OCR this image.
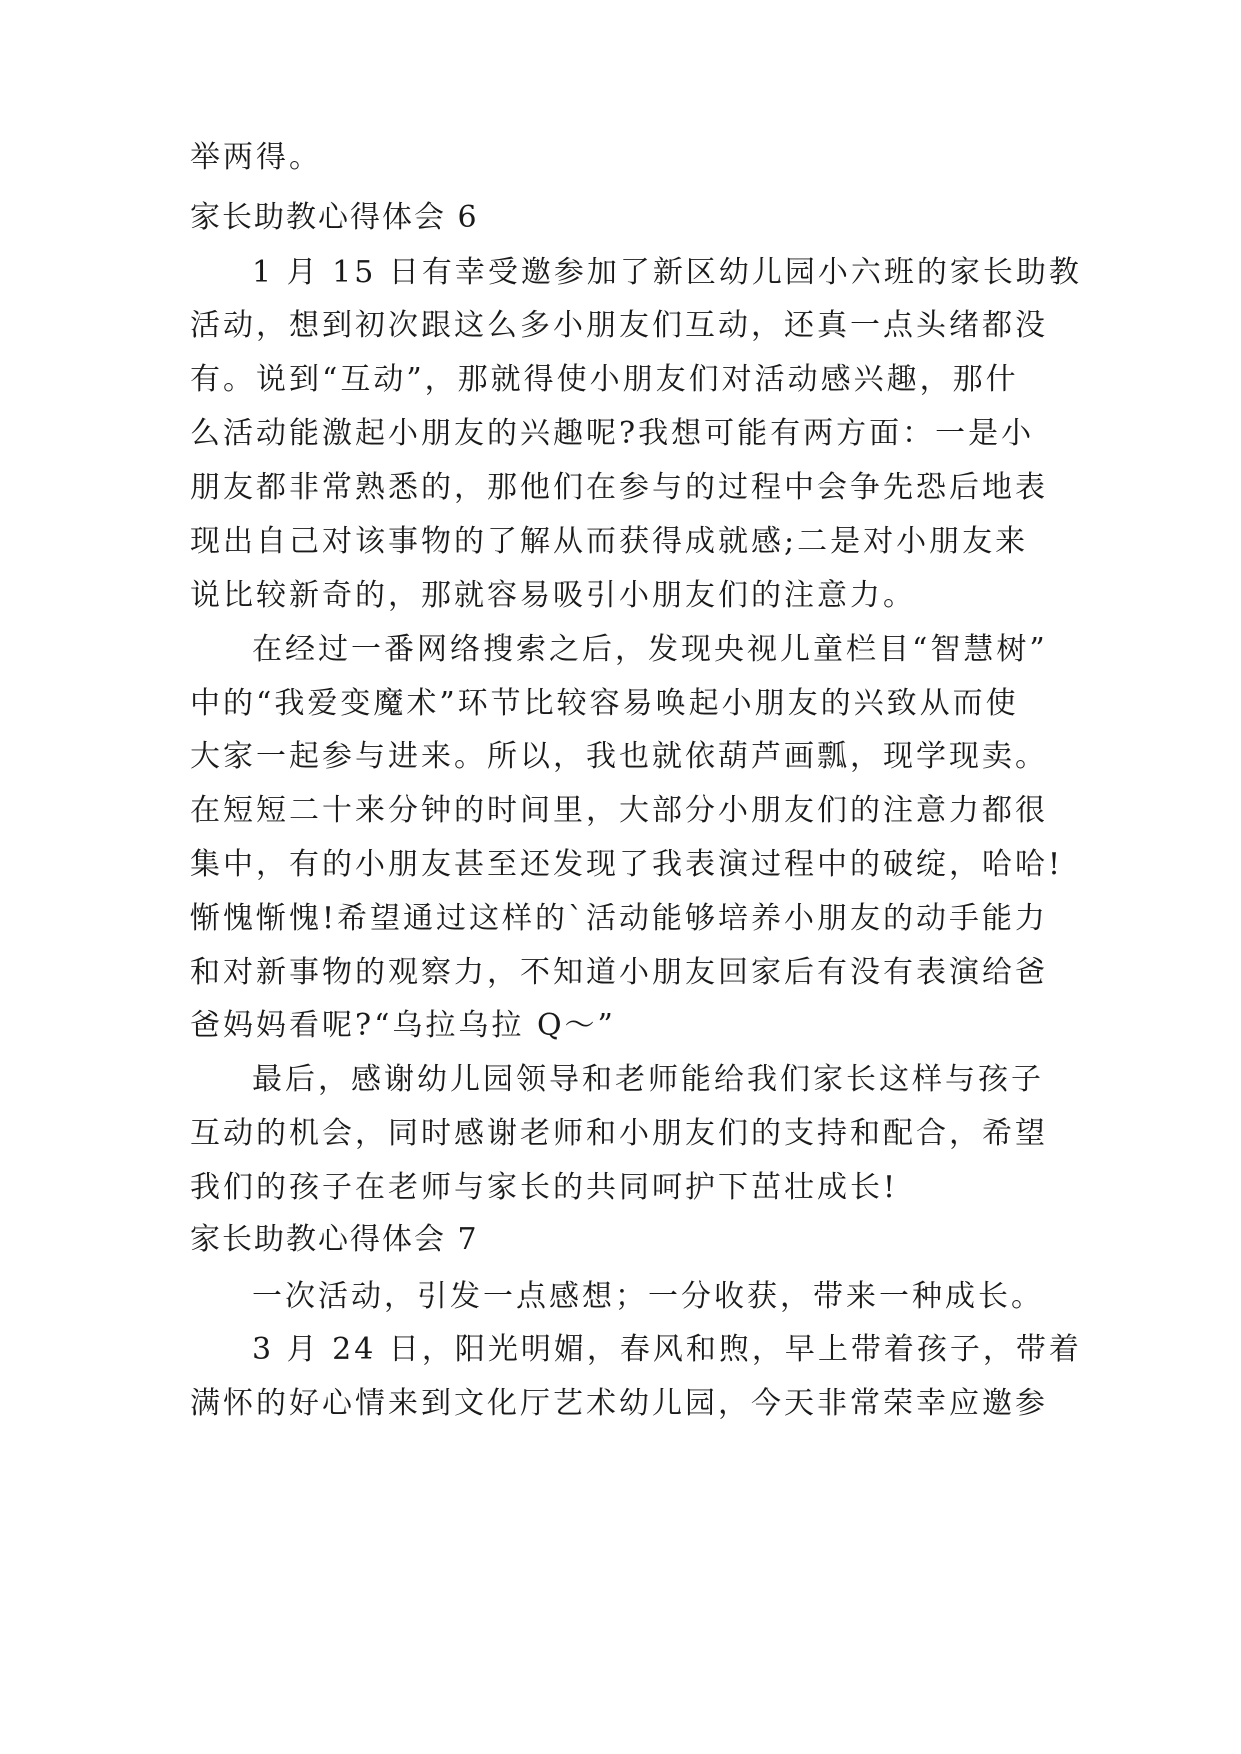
举两得。
家长助教心得体会 6
1 月 15 日有幸受邀参加了新区幼儿园小六班的家长助教
活动，想到初次跟这么多小朋友们互动，还真一点头绪都没
有。说到“互动”，那就得使小朋友们对活动感兴趣，那什
么活动能激起小朋友的兴趣呢?我想可能有两方面：一是小
朋友都非常熟悉的，那他们在参与的过程中会争先恐后地表
现出自己对该事物的了解从而获得成就感;二是对小朋友来
说比较新奇的，那就容易吸引小朋友们的注意力。
在经过一番网络搜索之后，发现央视儿童栏目“智慧树”
中的“我爱变魔术”环节比较容易唤起小朋友的兴致从而使
大家一起参与进来。所以，我也就依葫芦画瓢，现学现卖。
在短短二十来分钟的时间里，大部分小朋友们的注意力都很
集中，有的小朋友甚至还发现了我表演过程中的破绽，哈哈!
惭愧惭愧!希望通过这样的`活动能够培养小朋友的动手能力
和对新事物的观察力，不知道小朋友回家后有没有表演给爸
爸妈妈看呢?“乌拉乌拉 Q～”
最后，感谢幼儿园领导和老师能给我们家长这样与孩子
互动的机会，同时感谢老师和小朋友们的支持和配合，希望
我们的孩子在老师与家长的共同呵护下茁壮成长!
家长助教心得体会 7
一次活动，引发一点感想；一分收获，带来一种成长。
3 月 24 日，阳光明媚，春风和煦，早上带着孩子，带着
满怀的好心情来到文化厅艺术幼儿园，今天非常荣幸应邀参
